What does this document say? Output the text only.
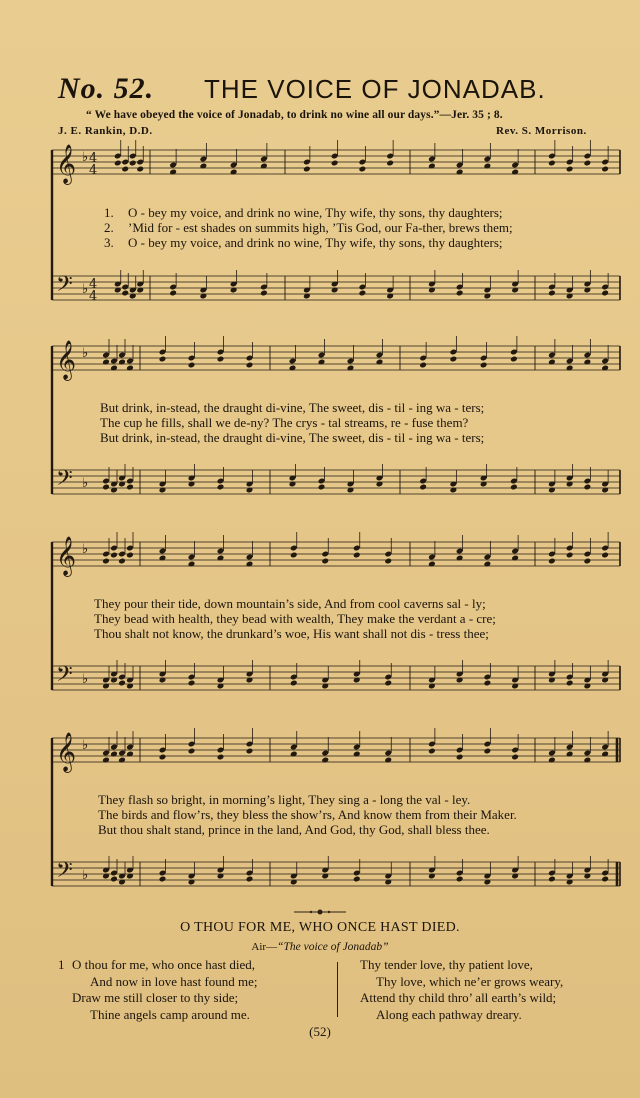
No. 52. THE VOICE OF JONADAB.
“ We have obeyed the voice of Jonadab, to drink no wine all our days.”—Jer. 35 ; 8.
J. E. Rankin, D.D.	Rev. S. Morrison.
𝄞
𝄢
♭
♭
4
4
4
4
𝄞
𝄢
♭
♭
𝄞
𝄢
♭
♭
𝄞
𝄢
♭
♭
1.
2.
3.
O - bey my voice, and drink no wine, Thy wife, thy sons, thy daughters;
’Mid for - est shades on summits high, ’Tis God, our Fa-ther, brews them;
O - bey my voice, and drink no wine, Thy wife, thy sons, thy daughters;
But drink, in-stead, the draught di-vine, The sweet, dis - til - ing wa - ters;
The cup he fills, shall we de-ny? The crys - tal streams, re - fuse them?
But drink, in-stead, the draught di-vine, The sweet, dis - til - ing wa - ters;
They pour their tide, down mountain’s side, And from cool caverns sal - ly;
They bead with health, they bead with wealth, They make the verdant a - cre;
Thou shalt not know, the drunkard’s woe, His want shall not dis - tress thee;
They flash so bright, in morning’s light, They sing a - long the val - ley.
The birds and flow’rs, they bless the show’rs, And know them from their Maker.
But thou shalt stand, prince in the land, And God, thy God, shall bless thee.
O THOU FOR ME, WHO ONCE HAST DIED.
Air—“The voice of Jonadab”
1 O thou for me, who once hast died,
And now in love hast found me;
Draw me still closer to thy side;
Thine angels camp around me.
Thy tender love, thy patient love,
Thy love, which ne’er grows weary,
Attend thy child thro’ all earth’s wild;
Along each pathway dreary.
(52)
